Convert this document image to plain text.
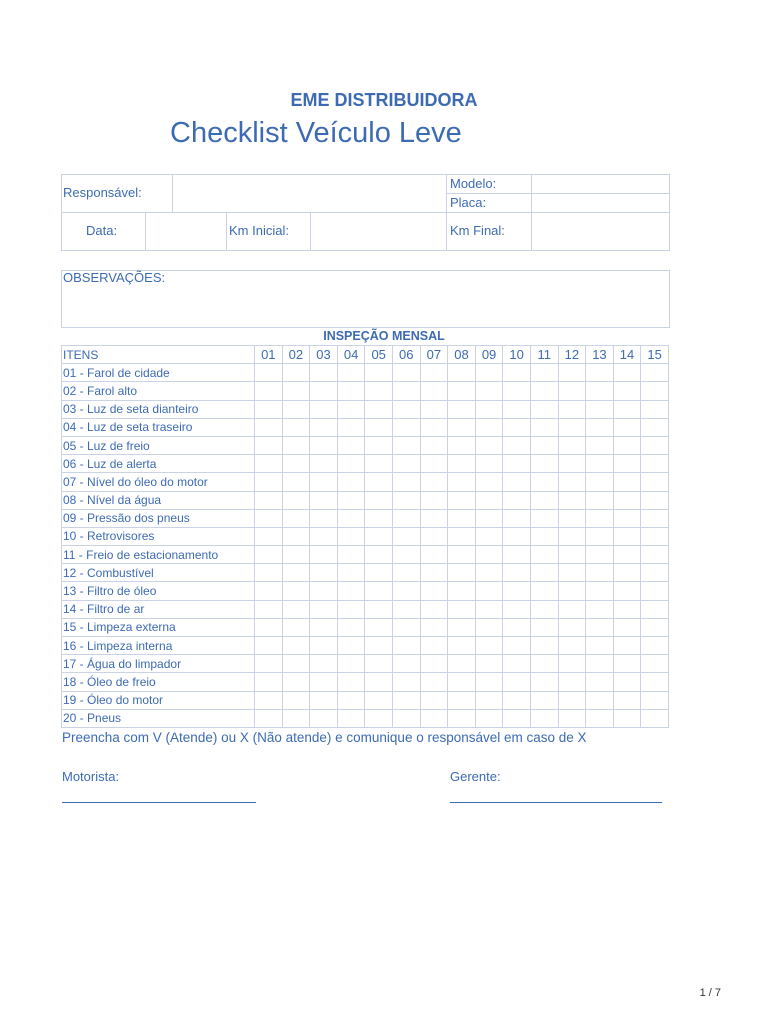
EME DISTRIBUIDORA
Checklist Veículo Leve
Responsável:
Modelo:
Placa:
Data:	Km Inicial:	Km Final:
OBSERVAÇÕES:
INSPEÇÃO MENSAL
ITENS	01	02	03	04	05	06	07	08	09	10	11	12	13	14	15
01 - Farol de cidade															
02 - Farol alto															
03 - Luz de seta dianteiro															
04 - Luz de seta traseiro															
05 - Luz de freio															
06 - Luz de alerta															
07 - Nível do óleo do motor															
08 - Nível da água															
09 - Pressão dos pneus															
10 - Retrovisores															
11 - Freio de estacionamento															
12 - Combustível															
13 - Filtro de óleo															
14 - Filtro de ar															
15 - Limpeza externa															
16 - Limpeza interna															
17 - Água do limpador															
18 - Óleo de freio															
19 - Óleo do motor															
20 - Pneus															
Preencha com V (Atende) ou X (Não atende) e comunique o responsável em caso de X
Motorista:	Gerente:
1 / 7
